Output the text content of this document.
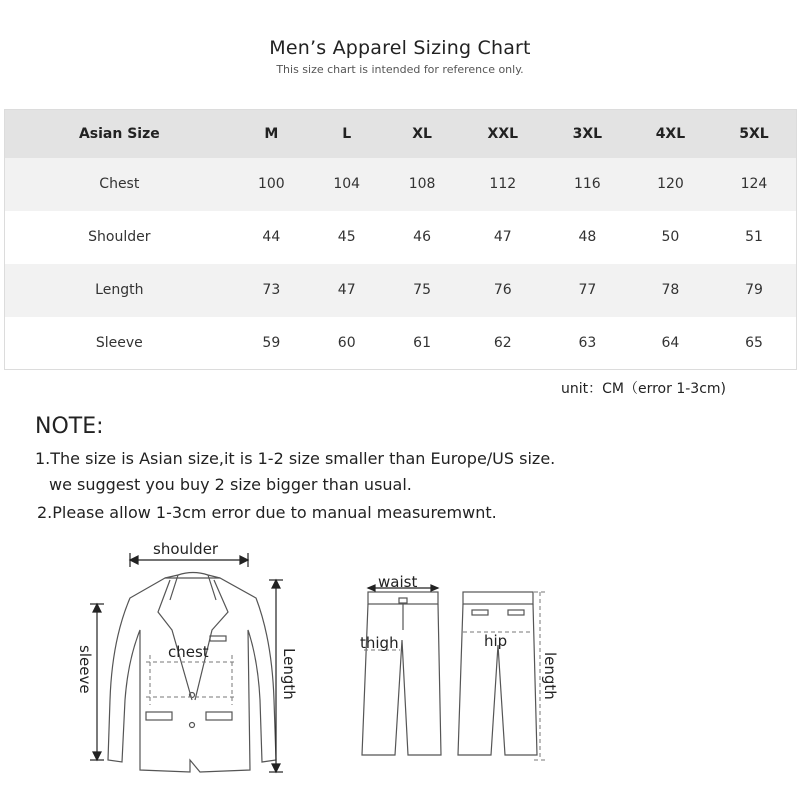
Men’s Apparel Sizing Chart
This size chart is intended for reference only.
Asian Size	M	L	XL	XXL	3XL	4XL	5XL
Chest	100	104	108	112	116	120	124
Shoulder	44	45	46	47	48	50	51
Length	73	47	75	76	77	78	79
Sleeve	59	60	61	62	63	64	65
unit：CM（error 1-3cm)
NOTE:
1.The size is Asian size,it is 1-2 size smaller than Europe/US size.
we suggest you buy 2 size bigger than usual.
2.Please allow 1-3cm error due to manual measuremwnt.
shoulder
chest
sleeve	Length
waist
thigh	hip
length
